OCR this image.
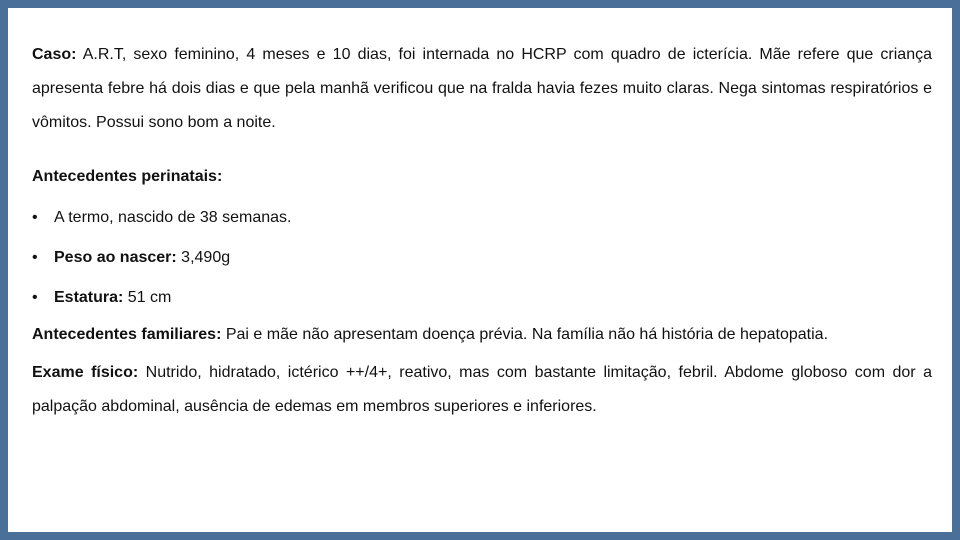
Caso: A.R.T, sexo feminino, 4 meses e 10 dias, foi internada no HCRP com quadro de icterícia. Mãe refere que criança apresenta febre há dois dias e que pela manhã verificou que na fralda havia fezes muito claras. Nega sintomas respiratórios e vômitos. Possui sono bom a noite.

Antecedentes perinatais:

• A termo, nascido de 38 semanas.
• Peso ao nascer: 3,490g
• Estatura: 51 cm

Antecedentes familiares: Pai e mãe não apresentam doença prévia. Na família não há história de hepatopatia.

Exame físico: Nutrido, hidratado, ictérico ++/4+, reativo, mas com bastante limitação, febril. Abdome globoso com dor a palpação abdominal, ausência de edemas em membros superiores e inferiores.
